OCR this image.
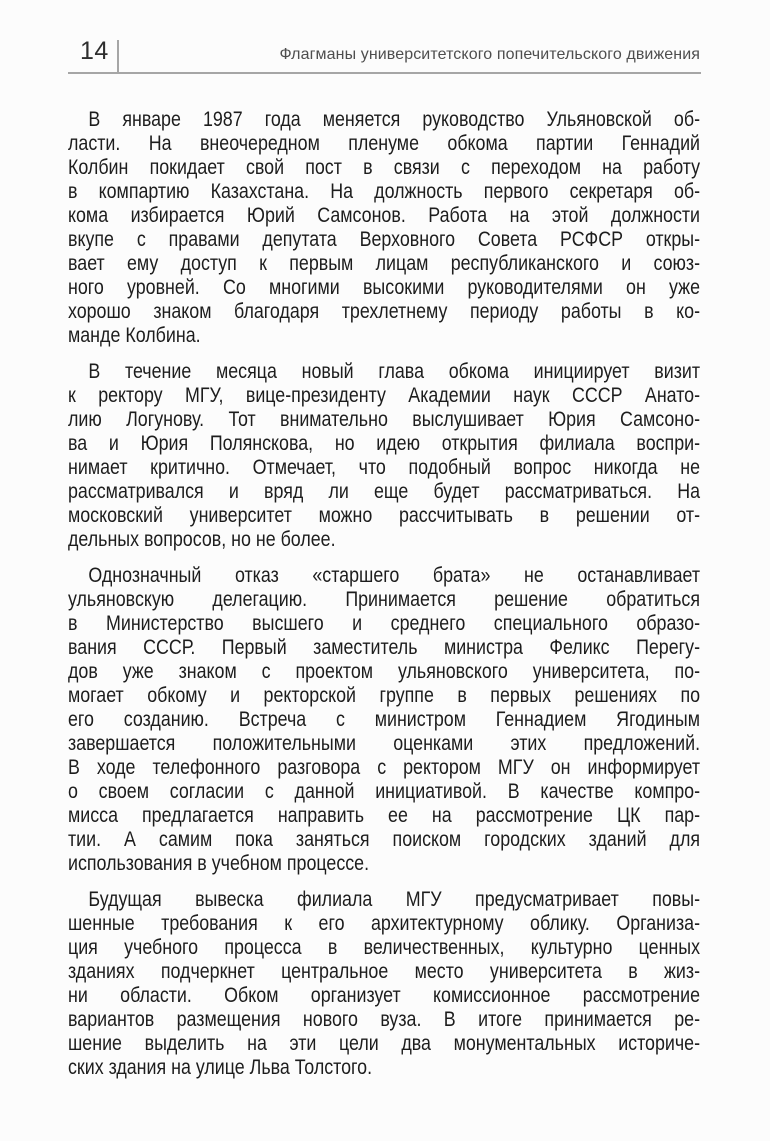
14	Флагманы университетского попечительского движения
В январе 1987 года меняется руководство Ульяновской об-
ласти. На внеочередном пленуме обкома партии Геннадий
Колбин покидает свой пост в связи с переходом на работу
в компартию Казахстана. На должность первого секретаря об-
кома избирается Юрий Самсонов. Работа на этой должности
вкупе с правами депутата Верховного Совета РСФСР откры-
вает ему доступ к первым лицам республиканского и союз-
ного уровней. Со многими высокими руководителями он уже
хорошо знаком благодаря трехлетнему периоду работы в ко-
манде Колбина.
В течение месяца новый глава обкома инициирует визит
к ректору МГУ, вице-президенту Академии наук СССР Анато-
лию Логунову. Тот внимательно выслушивает Юрия Самсоно-
ва и Юрия Полянскова, но идею открытия филиала воспри-
нимает критично. Отмечает, что подобный вопрос никогда не
рассматривался и вряд ли еще будет рассматриваться. На
московский университет можно рассчитывать в решении от-
дельных вопросов, но не более.
Однозначный отказ «старшего брата» не останавливает
ульяновскую делегацию. Принимается решение обратиться
в Министерство высшего и среднего специального образо-
вания СССР. Первый заместитель министра Феликс Перегу-
дов уже знаком с проектом ульяновского университета, по-
могает обкому и ректорской группе в первых решениях по
его созданию. Встреча с министром Геннадием Ягодиным
завершается положительными оценками этих предложений.
В ходе телефонного разговора с ректором МГУ он информирует
о своем согласии с данной инициативой. В качестве компро-
мисса предлагается направить ее на рассмотрение ЦК пар-
тии. А самим пока заняться поиском городских зданий для
использования в учебном процессе.
Будущая вывеска филиала МГУ предусматривает повы-
шенные требования к его архитектурному облику. Организа-
ция учебного процесса в величественных, культурно ценных
зданиях подчеркнет центральное место университета в жиз-
ни области. Обком организует комиссионное рассмотрение
вариантов размещения нового вуза. В итоге принимается ре-
шение выделить на эти цели два монументальных историче-
ских здания на улице Льва Толстого.
